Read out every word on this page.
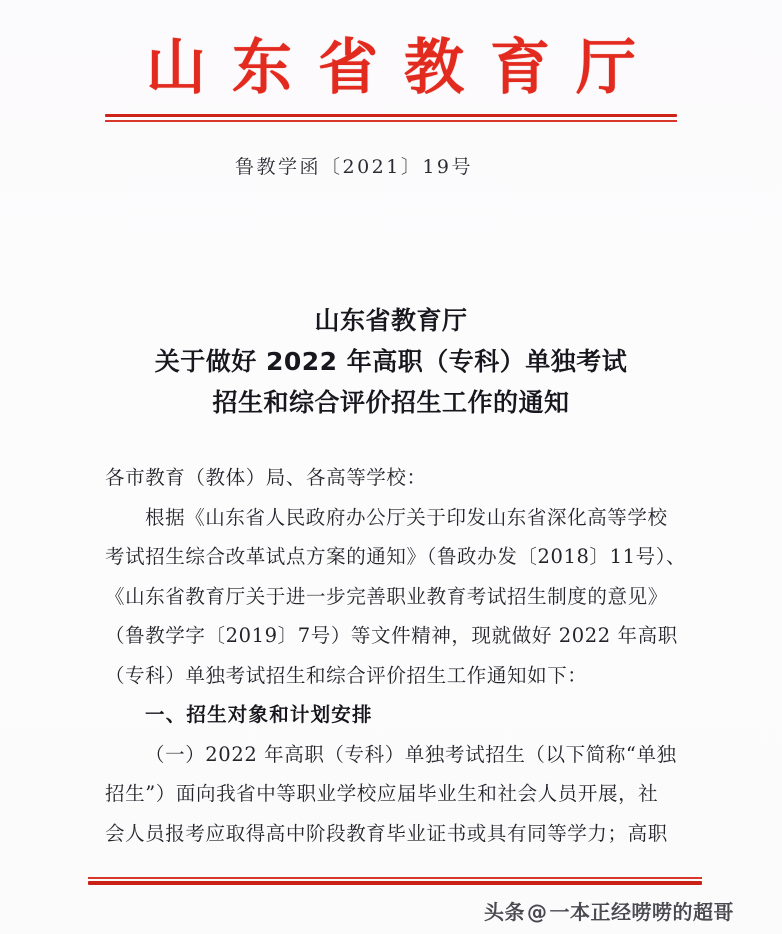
山东省教育厅
鲁教学函〔2021〕19号
山东省教育厅
关于做好 2022 年高职（专科）单独考试
招生和综合评价招生工作的通知
各市教育（教体）局、各高等学校：
根据《山东省人民政府办公厅关于印发山东省深化高等学校
考试招生综合改革试点方案的通知》（鲁政办发〔2018〕11号）、
《山东省教育厅关于进一步完善职业教育考试招生制度的意见》
（鲁教学字〔2019〕7号）等文件精神，现就做好 2022 年高职
（专科）单独考试招生和综合评价招生工作通知如下：
一、招生对象和计划安排
（一）2022 年高职（专科）单独考试招生（以下简称“单独
招生”）面向我省中等职业学校应届毕业生和社会人员开展，社
会人员报考应取得高中阶段教育毕业证书或具有同等学力；高职
头条 @ 一本正经唠唠的超哥
